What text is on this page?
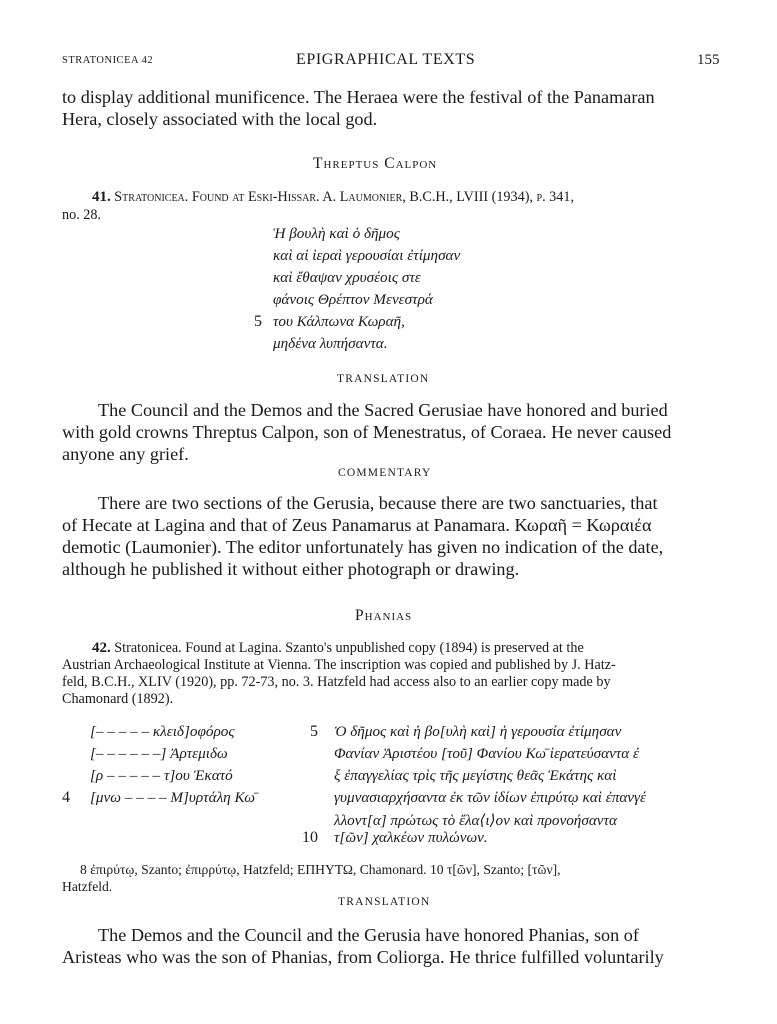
STRATONICEA 42	EPIGRAPHICAL TEXTS	155
to display additional munificence. The Heraea were the festival of the Panamaran
Hera, closely associated with the local god.
Threptus Calpon
41. Stratonicea. Found at Eski-Hissar. A. Laumonier, B.C.H., LVIII (1934), p. 341,
no. 28.
Ἡ βουλὴ καὶ ὁ δῆμος
καὶ αἱ ἱεραὶ γερουσίαι ἐτίμησαν
καὶ ἔθαψαν χρυσέοις στε
φάνοις Θρέπτον Μενεστρά
5 του Κάλπωνα Κωραῆ,
μηδένα λυπήσαντα.
TRANSLATION
The Council and the Demos and the Sacred Gerusiae have honored and buried
with gold crowns Threptus Calpon, son of Menestratus, of Coraea. He never caused
anyone any grief.
COMMENTARY
There are two sections of the Gerusia, because there are two sanctuaries, that
of Hecate at Lagina and that of Zeus Panamarus at Panamara. Κωραῆ = Κωραιέα
demotic (Laumonier). The editor unfortunately has given no indication of the date,
although he published it without either photograph or drawing.
Phanias
42. Stratonicea. Found at Lagina. Szanto's unpublished copy (1894) is preserved at the
Austrian Archaeological Institute at Vienna. The inscription was copied and published by J. Hatz-
feld, B.C.H., XLIV (1920), pp. 72-73, no. 3. Hatzfeld had access also to an earlier copy made by
Chamonard (1892).
[– – – – – κλειδ]οφόρος
[– – – – – –] Ἀρτεμιδω
[ρ – – – – – τ]ου Ἑκατό
4 [μνω – – – – Μ]υρτάλη Κω̄
5 Ὁ δῆμος καὶ ἡ βο[υλὴ καὶ] ἡ γερουσία ἐτίμησαν
Φανίαν Ἀριστέου [τοῦ] Φανίου Κω̄ ἱερατεύσαντα ἐ
ξ ἐπαγγελίας τρὶς τῆς μεγίστης θεᾶς Ἑκάτης καὶ
γυμνασιαρχήσαντα ἐκ τῶν ἰδίων ἐπιρύτῳ καὶ ἐπανγέ
λλοντ[α] πρώτως τὸ ἔλα⟨ι⟩ον καὶ προνοήσαντα
10 τ[ῶν] χαλκέων πυλώνων.
8 ἐπιρύτῳ, Szanto; ἐπιρρύτῳ, Hatzfeld; ΕΠΗΥΤΩ, Chamonard. 10 τ[ῶν], Szanto; [τῶν],
Hatzfeld.
TRANSLATION
The Demos and the Council and the Gerusia have honored Phanias, son of
Aristeas who was the son of Phanias, from Coliorga. He thrice fulfilled voluntarily
